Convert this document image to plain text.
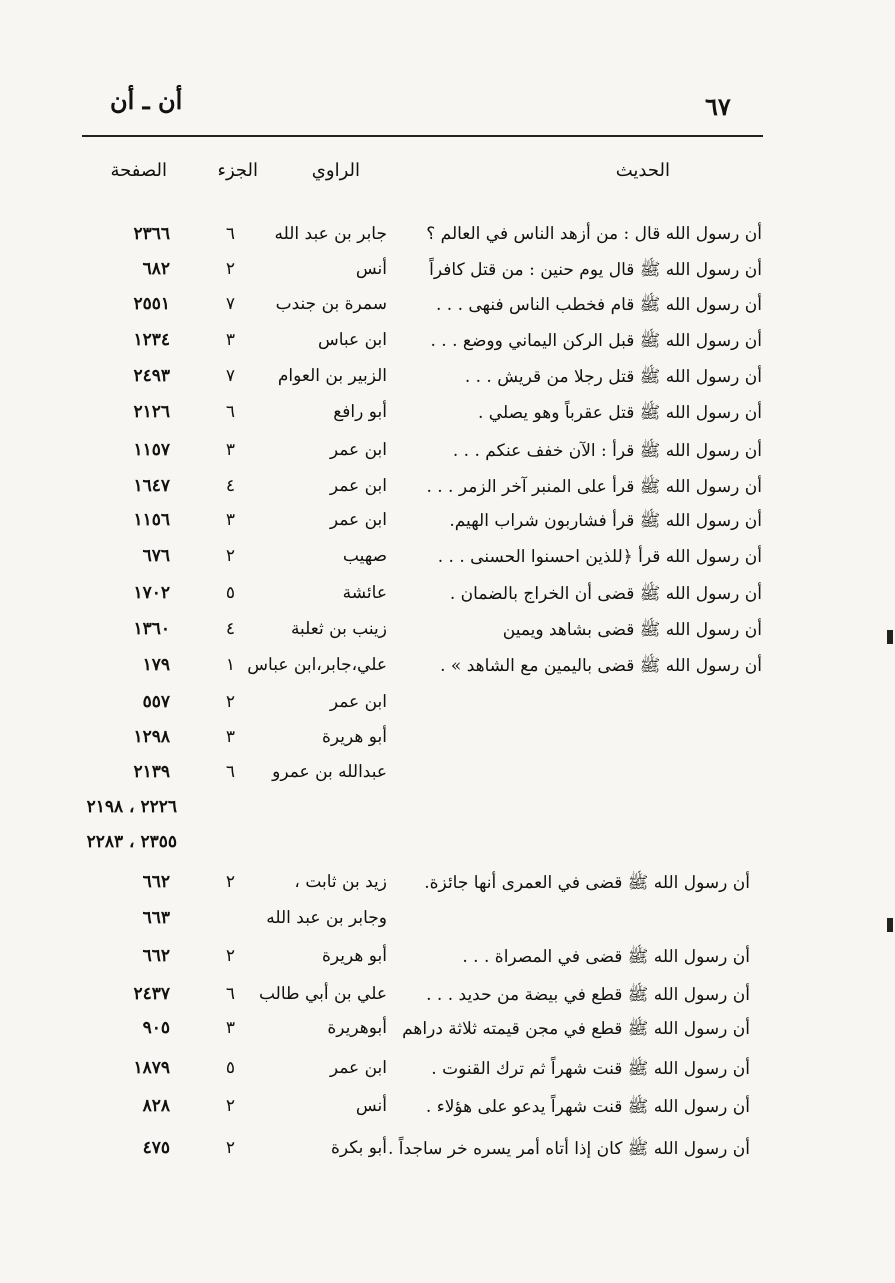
٦٧
أن ـ أن
الحديث
الراوي
الجزء
الصفحة
أن رسول الله قال : من أزهد الناس في العالم ؟
جابر بن عبد الله
٦
٢٣٦٦
أن رسول الله ﷺ قال يوم حنين : من قتل كافراً
أنس
٢
٦٨٢
أن رسول الله ﷺ قام فخطب الناس فنهى . . .
سمرة بن جندب
٧
٢٥٥١
أن رسول الله ﷺ قبل الركن اليماني ووضع . . .
ابن عباس
٣
١٢٣٤
أن رسول الله ﷺ قتل رجلا من قريش . . .
الزبير بن العوام
٧
٢٤٩٣
أن رسول الله ﷺ قتل عقرباً وهو يصلي .
أبو رافع
٦
٢١٢٦
أن رسول الله ﷺ قرأ : الآن خفف عنكم . . .
ابن عمر
٣
١١٥٧
أن رسول الله ﷺ قرأ على المنبر آخر الزمر . . .
ابن عمر
٤
١٦٤٧
أن رسول الله ﷺ قرأ فشاربون شراب الهيم.
ابن عمر
٣
١١٥٦
أن رسول الله قرأ ﴿للذين احسنوا الحسنى . . .
صهيب
٢
٦٧٦
أن رسول الله ﷺ قضى أن الخراج بالضمان .
عائشة
٥
١٧٠٢
أن رسول الله ﷺ قضى بشاهد ويمين
زينب بن ثعلبة
٤
١٣٦٠
أن رسول الله ﷺ قضى باليمين مع الشاهد » .
علي،جابر،ابن عباس
١
١٧٩
ابن عمر
٢
٥٥٧
أبو هريرة
٣
١٢٩٨
عبدالله بن عمرو
٦
٢١٣٩
٢٢٢٦ ، ٢١٩٨
٢٣٥٥ ، ٢٢٨٣
أن رسول الله ﷺ قضى في العمرى أنها جائزة.
زيد بن ثابت ،
٢
٦٦٢
وجابر بن عبد الله
٦٦٣
أن رسول الله ﷺ قضى في المصراة . . .
أبو هريرة
٢
٦٦٢
أن رسول الله ﷺ قطع في بيضة من حديد . . .
علي بن أبي طالب
٦
٢٤٣٧
أن رسول الله ﷺ قطع في مجن قيمته ثلاثة دراهم
أبوهريرة
٣
٩٠٥
أن رسول الله ﷺ قنت شهراً ثم ترك القنوت .
ابن عمر
٥
١٨٧٩
أن رسول الله ﷺ قنت شهراً يدعو على هؤلاء .
أنس
٢
٨٢٨
أن رسول الله ﷺ كان إذا أتاه أمر يسره خر ساجداً .
أبو بكرة
٢
٤٧٥
